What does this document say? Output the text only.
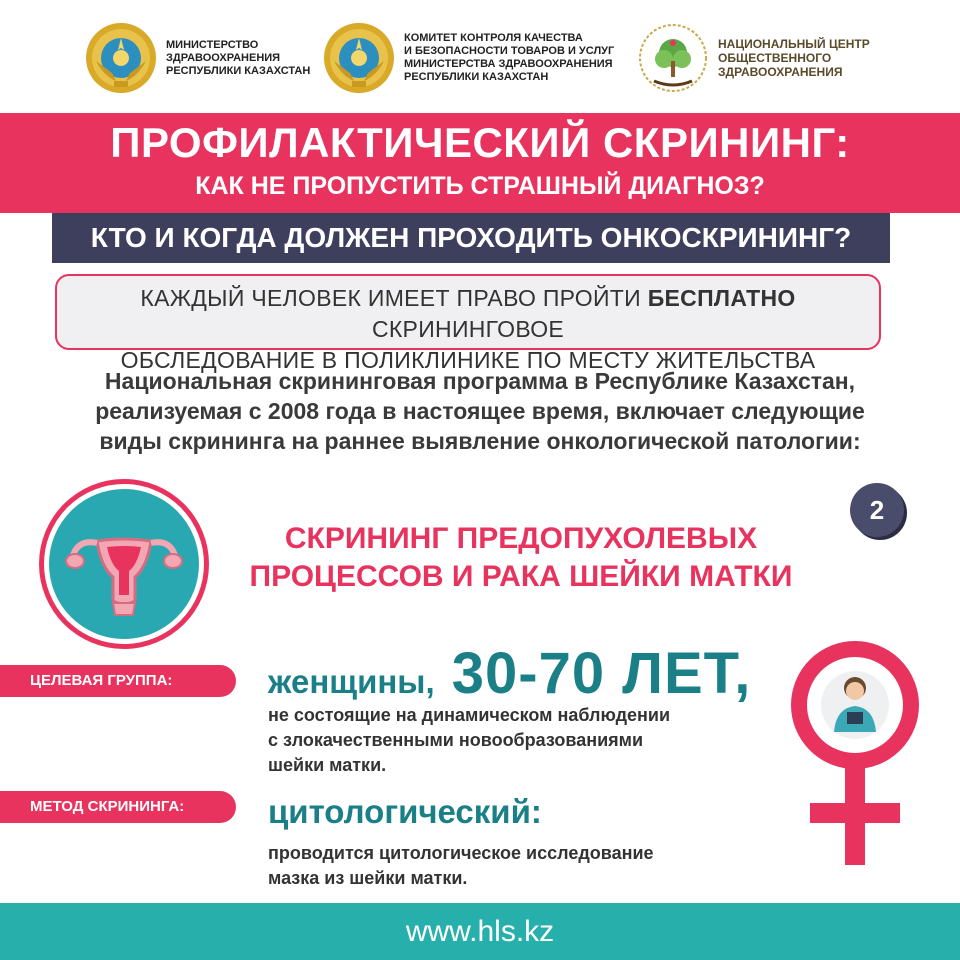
МИНИСТЕРСТВО
ЗДРАВООХРАНЕНИЯ
РЕСПУБЛИКИ КАЗАХСТАН
КОМИТЕТ КОНТРОЛЯ КАЧЕСТВА
И БЕЗОПАСНОСТИ ТОВАРОВ И УСЛУГ
МИНИСТЕРСТВА ЗДРАВООХРАНЕНИЯ
РЕСПУБЛИКИ КАЗАХСТАН
НАЦИОНАЛЬНЫЙ ЦЕНТР
ОБЩЕСТВЕННОГО
ЗДРАВООХРАНЕНИЯ
ПРОФИЛАКТИЧЕСКИЙ СКРИНИНГ:
КАК НЕ ПРОПУСТИТЬ СТРАШНЫЙ ДИАГНОЗ?
КТО И КОГДА ДОЛЖЕН ПРОХОДИТЬ ОНКОСКРИНИНГ?
КАЖДЫЙ ЧЕЛОВЕК ИМЕЕТ ПРАВО ПРОЙТИ БЕСПЛАТНО СКРИНИНГОВОЕ
ОБСЛЕДОВАНИЕ В ПОЛИКЛИНИКЕ ПО МЕСТУ ЖИТЕЛЬСТВА
Национальная скрининговая программа в Республике Казахстан,
реализуемая с 2008 года в настоящее время, включает следующие
виды скрининга на раннее выявление онкологической патологии:
2
СКРИНИНГ ПРЕДОПУХОЛЕВЫХ
ПРОЦЕССОВ И РАКА ШЕЙКИ МАТКИ
ЦЕЛЕВАЯ ГРУППА:	женщины, 30-70 ЛЕТ,
не состоящие на динамическом наблюдении
с злокачественными новообразованиями
шейки матки.
МЕТОД СКРИНИНГА:	цитологический:
проводится цитологическое исследование
мазка из шейки матки.
www.hls.kz
